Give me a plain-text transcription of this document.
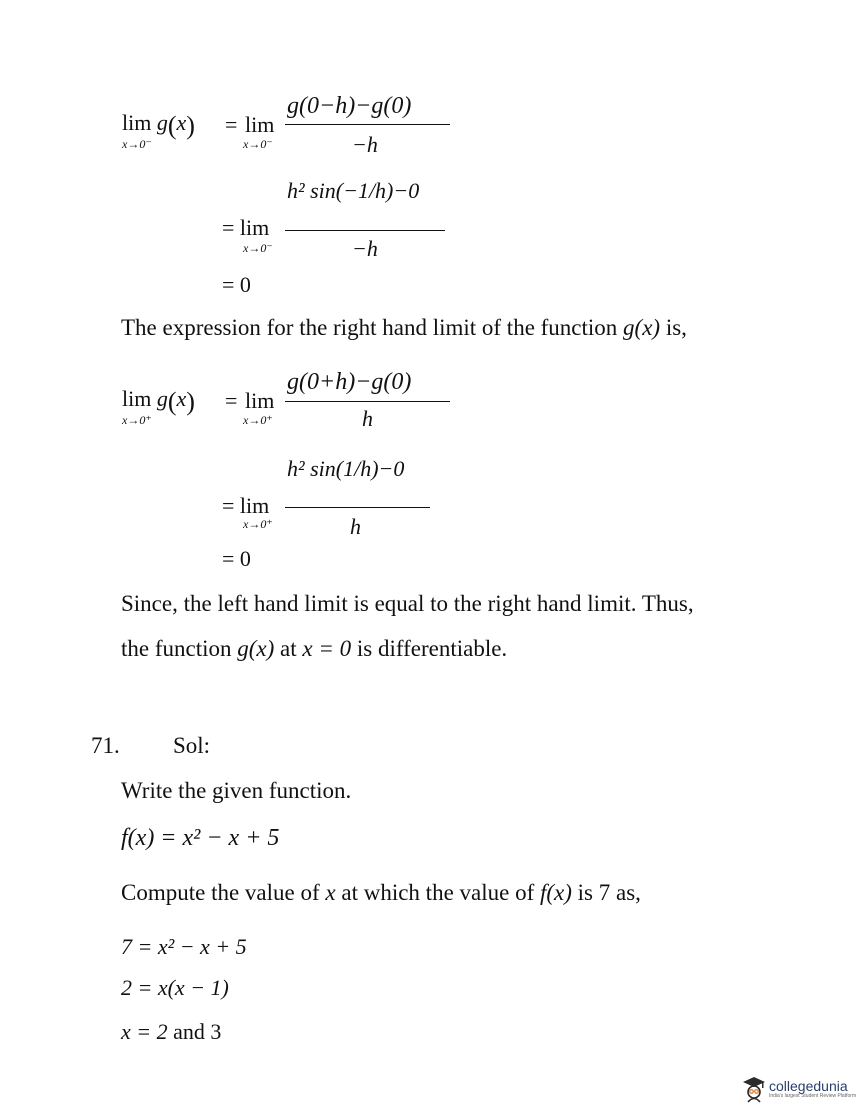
lim g(x)
x→0⁻
= lim
x→0⁻
g(0−h)−g(0)
−h
= lim
x→0⁻
h² sin(−1/h)−0
−h
= 0
The expression for the right hand limit of the function g(x) is,
lim g(x)
x→0⁺
= lim
x→0⁺
g(0+h)−g(0)
h
= lim
x→0⁺
h² sin(1/h)−0
h
= 0
Since, the left hand limit is equal to the right hand limit. Thus,
the function g(x) at x = 0 is differentiable.
71. Sol:
Write the given function.
f(x) = x² − x + 5
Compute the value of x at which the value of f(x) is 7 as,
7 = x² − x + 5
2 = x(x − 1)
x = 2 and 3
collegedunia
India's largest Student Review Platform
